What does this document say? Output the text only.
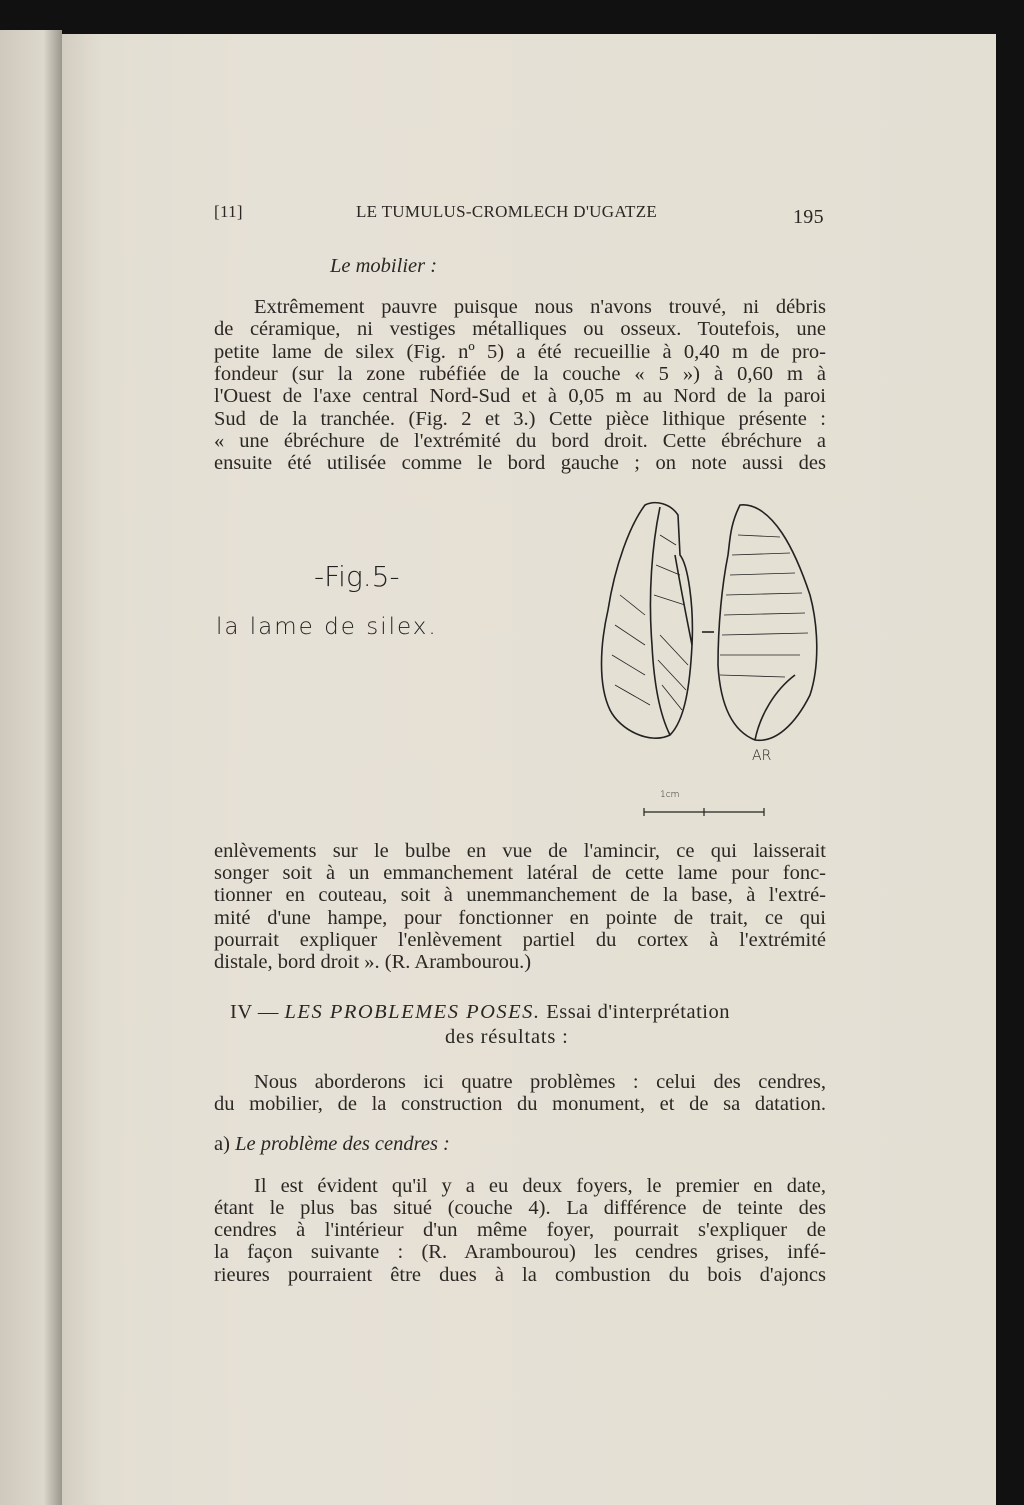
[11]	LE TUMULUS-CROMLECH D'UGATZE	195
Le mobilier :
Extrêmement pauvre puisque nous n'avons trouvé, ni débris
de céramique, ni vestiges métalliques ou osseux. Toutefois, une
petite lame de silex (Fig. nº 5) a été recueillie à 0,40 m de pro-
fondeur (sur la zone rubéfiée de la couche « 5 ») à 0,60 m à
l'Ouest de l'axe central Nord-Sud et à 0,05 m au Nord de la paroi
Sud de la tranchée. (Fig. 2 et 3.) Cette pièce lithique présente :
« une ébréchure de l'extrémité du bord droit. Cette ébréchure a
ensuite été utilisée comme le bord gauche ; on note aussi des
-Fig.5-
la lame de silex.
AR
1cm
enlèvements sur le bulbe en vue de l'amincir, ce qui laisserait
songer soit à un emmanchement latéral de cette lame pour fonc-
tionner en couteau, soit à unemmanchement de la base, à l'extré-
mité d'une hampe, pour fonctionner en pointe de trait, ce qui
pourrait expliquer l'enlèvement partiel du cortex à l'extrémité
distale, bord droit ». (R. Arambourou.)
IV — LES PROBLEMES POSES. Essai d'interprétation
des résultats :
Nous aborderons ici quatre problèmes : celui des cendres,
du mobilier, de la construction du monument, et de sa datation.
a) Le problème des cendres :
Il est évident qu'il y a eu deux foyers, le premier en date,
étant le plus bas situé (couche 4). La différence de teinte des
cendres à l'intérieur d'un même foyer, pourrait s'expliquer de
la façon suivante : (R. Arambourou) les cendres grises, infé-
rieures pourraient être dues à la combustion du bois d'ajoncs
